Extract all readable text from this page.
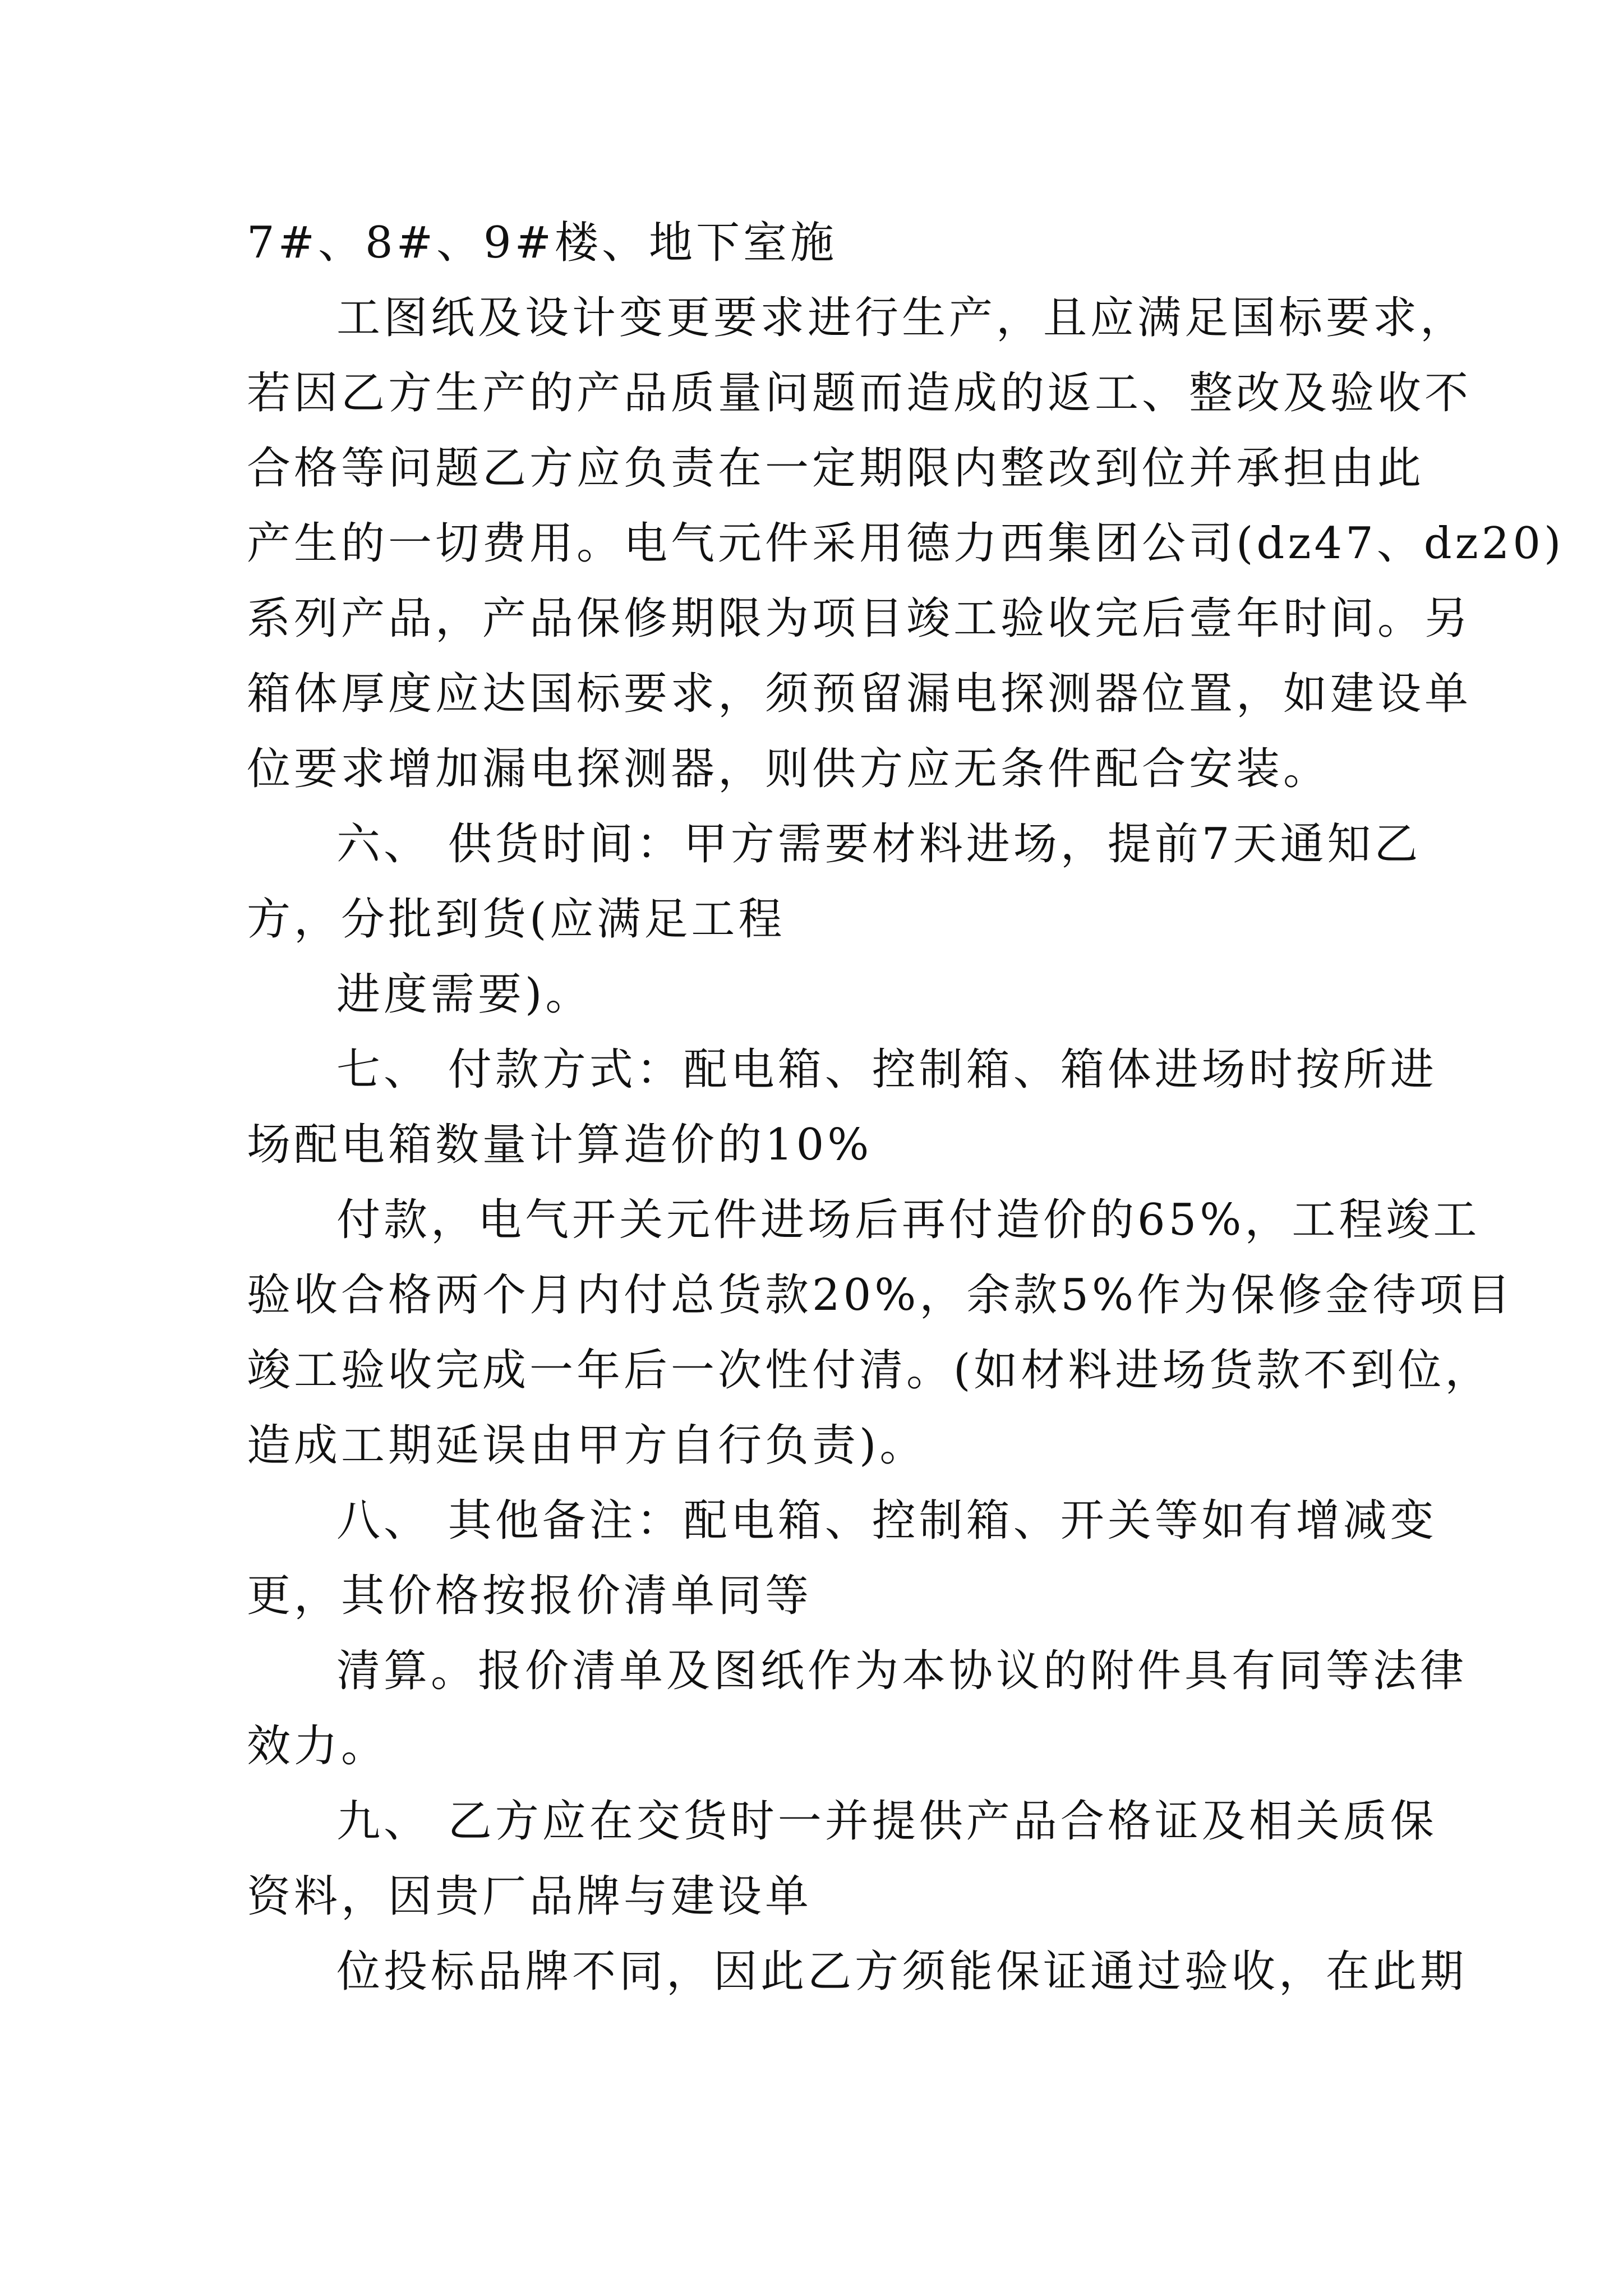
7#、8#、9#楼、地下室施
工图纸及设计变更要求进行生产，且应满足国标要求，
若因乙方生产的产品质量问题而造成的返工、整改及验收不
合格等问题乙方应负责在一定期限内整改到位并承担由此
产生的一切费用。电气元件采用德力西集团公司(dz47、dz20)
系列产品，产品保修期限为项目竣工验收完后壹年时间。另
箱体厚度应达国标要求，须预留漏电探测器位置，如建设单
位要求增加漏电探测器，则供方应无条件配合安装。
六、 供货时间：甲方需要材料进场，提前7天通知乙
方，分批到货(应满足工程
进度需要)。
七、 付款方式：配电箱、控制箱、箱体进场时按所进
场配电箱数量计算造价的10%
付款，电气开关元件进场后再付造价的65%，工程竣工
验收合格两个月内付总货款20%，余款5%作为保修金待项目
竣工验收完成一年后一次性付清。(如材料进场货款不到位，
造成工期延误由甲方自行负责)。
八、 其他备注：配电箱、控制箱、开关等如有增减变
更，其价格按报价清单同等
清算。报价清单及图纸作为本协议的附件具有同等法律
效力。
九、 乙方应在交货时一并提供产品合格证及相关质保
资料，因贵厂品牌与建设单
位投标品牌不同，因此乙方须能保证通过验收，在此期
